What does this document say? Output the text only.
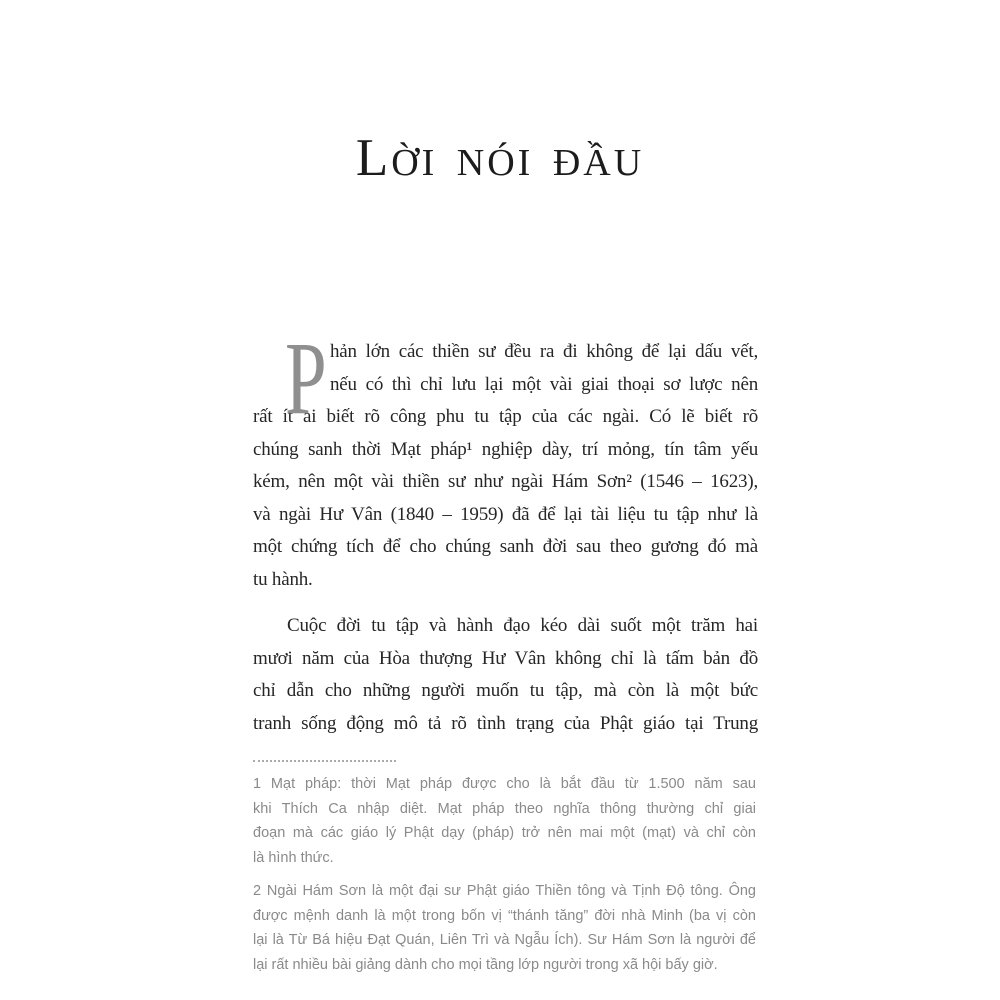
LỜI NÓI ĐẦU
P hản lớn các thiền sư đều ra đi không để lại dấu vết,
nếu có thì chỉ lưu lại một vài giai thoại sơ lược nên
rất ít ai biết rõ công phu tu tập của các ngài. Có lẽ biết rõ
chúng sanh thời Mạt pháp¹ nghiệp dày, trí mỏng, tín tâm yếu
kém, nên một vài thiền sư như ngài Hám Sơn² (1546 – 1623),
và ngài Hư Vân (1840 – 1959) đã để lại tài liệu tu tập như là
một chứng tích để cho chúng sanh đời sau theo gương đó mà
tu hành.
Cuộc đời tu tập và hành đạo kéo dài suốt một trăm hai
mươi năm của Hòa thượng Hư Vân không chỉ là tấm bản đồ
chỉ dẫn cho những người muốn tu tập, mà còn là một bức
tranh sống động mô tả rõ tình trạng của Phật giáo tại Trung
1 Mạt pháp: thời Mạt pháp được cho là bắt đầu từ 1.500 năm sau
khi Thích Ca nhập diệt. Mạt pháp theo nghĩa thông thường chỉ giai
đoạn mà các giáo lý Phật dạy (pháp) trở nên mai một (mạt) và chỉ còn
là hình thức.
2 Ngài Hám Sơn là một đại sư Phật giáo Thiền tông và Tịnh Độ tông. Ông
được mệnh danh là một trong bốn vị “thánh tăng” đời nhà Minh (ba vị còn
lại là Từ Bá hiệu Đạt Quán, Liên Trì và Ngẫu Ích). Sư Hám Sơn là người để
lại rất nhiều bài giảng dành cho mọi tầng lớp người trong xã hội bấy giờ.
